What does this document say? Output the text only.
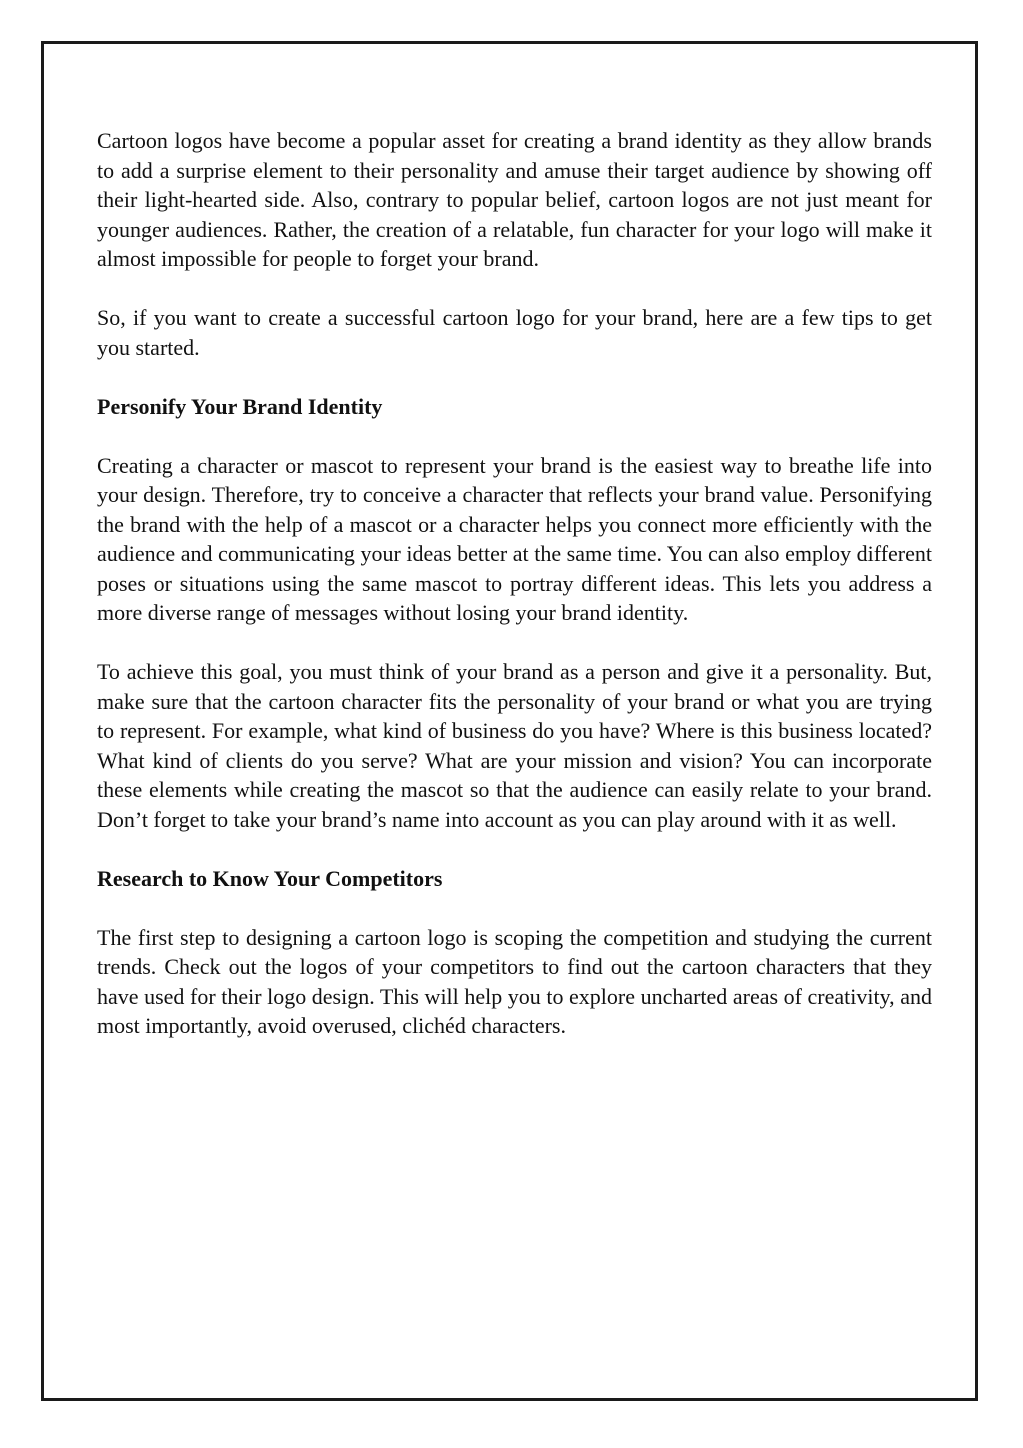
Cartoon logos have become a popular asset for creating a brand identity as they allow brands to add a surprise element to their personality and amuse their target audience by showing off their light-hearted side. Also, contrary to popular belief, cartoon logos are not just meant for younger audiences. Rather, the creation of a relatable, fun character for your logo will make it almost impossible for people to forget your brand.

So, if you want to create a successful cartoon logo for your brand, here are a few tips to get you started.

Personify Your Brand Identity

Creating a character or mascot to represent your brand is the easiest way to breathe life into your design. Therefore, try to conceive a character that reflects your brand value. Personifying the brand with the help of a mascot or a character helps you connect more efficiently with the audience and communicating your ideas better at the same time. You can also employ different poses or situations using the same mascot to portray different ideas. This lets you address a more diverse range of messages without losing your brand identity.

To achieve this goal, you must think of your brand as a person and give it a personality. But, make sure that the cartoon character fits the personality of your brand or what you are trying to represent. For example, what kind of business do you have? Where is this business located? What kind of clients do you serve? What are your mission and vision? You can incorporate these elements while creating the mascot so that the audience can easily relate to your brand. Don’t forget to take your brand’s name into account as you can play around with it as well.

Research to Know Your Competitors

The first step to designing a cartoon logo is scoping the competition and studying the current trends. Check out the logos of your competitors to find out the cartoon characters that they have used for their logo design. This will help you to explore uncharted areas of creativity, and most importantly, avoid overused, clichéd characters.
